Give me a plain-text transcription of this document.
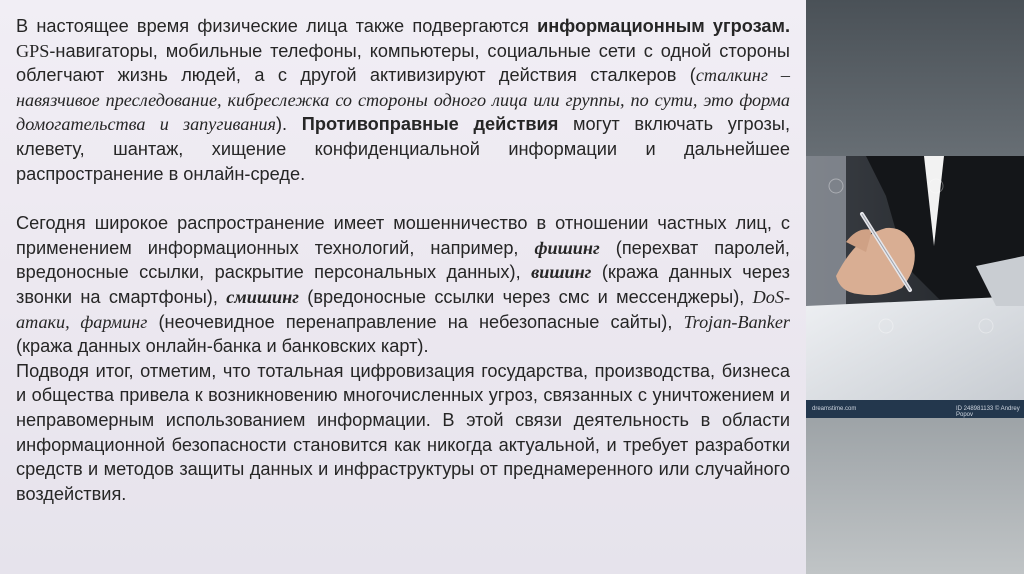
В настоящее время физические лица также подвергаются информационным угрозам. GPS-навигаторы, мобильные телефоны, компьютеры, социальные сети с одной стороны облегчают жизнь людей, а с другой активизируют действия сталкеров (сталкинг – навязчивое преследование, кибреслежка со стороны одного лица или группы, по сути, это форма домогательства и запугивания). Противоправные действия могут включать угрозы, клевету, шантаж, хищение конфиденциальной информации и дальнейшее распространение в онлайн-среде.

Сегодня широкое распространение имеет мошенничество в отношении частных лиц, с применением информационных технологий, например, фишинг (перехват паролей, вредоносные ссылки, раскрытие персональных данных), вишинг (кража данных через звонки на смартфоны), смишинг (вредоносные ссылки через смс и мессенджеры), DoS-атаки, фарминг (неочевидное перенаправление на небезопасные сайты), Trojan-Banker (кража данных онлайн-банка и банковских карт).

Подводя итог, отметим, что тотальная цифровизация государства, производства, бизнеса и общества привела к возникновению многочисленных угроз, связанных с уничтожением и неправомерным использованием информации. В этой связи деятельность в области информационной безопасности становится как никогда актуальной, и требует разработки средств и методов защиты данных и инфраструктуры от преднамеренного или случайного воздействия.

dreamstime.com	ID 248981133 © Andrey Popov
